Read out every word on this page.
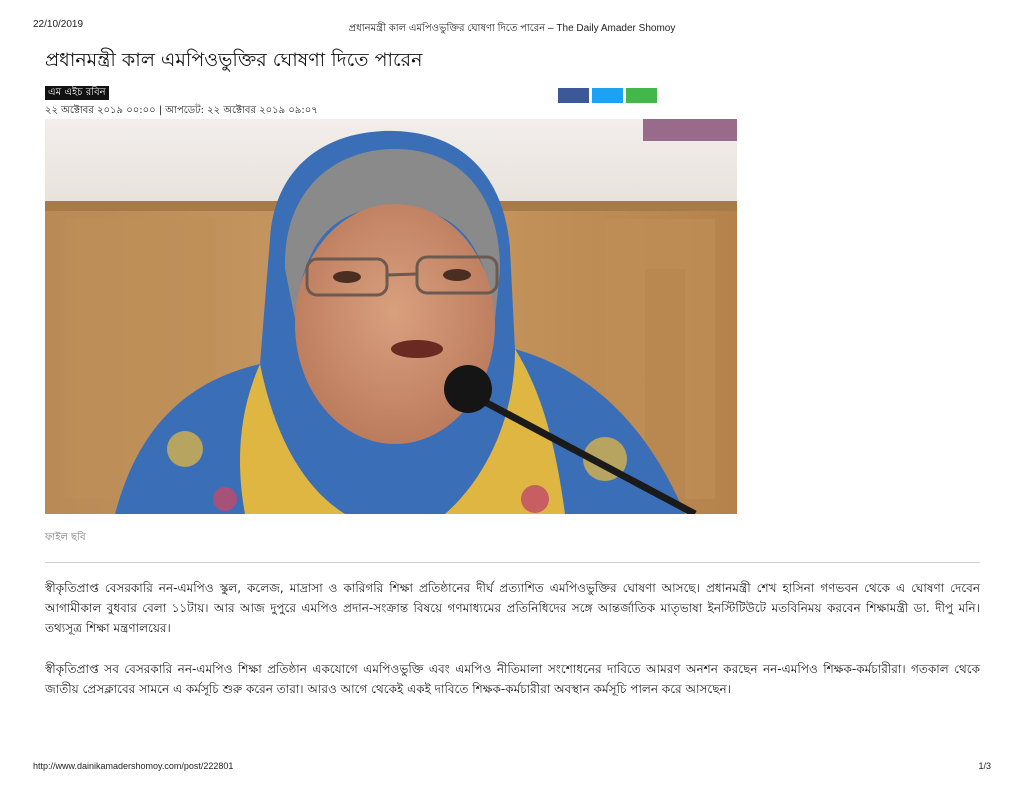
22/10/2019	প্রধানমন্ত্রী কাল এমপিওভুক্তির ঘোষণা দিতে পারেন – The Daily Amader Shomoy
প্রধানমন্ত্রী কাল এমপিওভুক্তির ঘোষণা দিতে পারেন
এম এইচ রবিন
২২ অক্টোবর ২০১৯ ০০:০০ | আপডেট: ২২ অক্টোবর ২০১৯ ০৯:০৭
ফাইল ছবি

স্বীকৃতিপ্রাপ্ত বেসরকারি নন-এমপিও স্কুল, কলেজ, মাদ্রাসা ও কারিগরি শিক্ষা প্রতিষ্ঠানের দীর্ঘ প্রত্যাশিত এমপিওভুক্তির ঘোষণা আসছে। প্রধানমন্ত্রী শেখ হাসিনা গণভবন থেকে এ ঘোষণা দেবেন আগামীকাল বুধবার বেলা ১১টায়। আর আজ দুপুরে এমপিও প্রদান-সংক্রান্ত বিষয়ে গণমাধ্যমের প্রতিনিধিদের সঙ্গে আন্তর্জাতিক মাতৃভাষা ইনস্টিটিউটে মতবিনিময় করবেন শিক্ষামন্ত্রী ডা. দীপু মনি। তথ্যসূত্র শিক্ষা মন্ত্রণালয়ের।

স্বীকৃতিপ্রাপ্ত সব বেসরকারি নন-এমপিও শিক্ষা প্রতিষ্ঠান একযোগে এমপিওভুক্তি এবং এমপিও নীতিমালা সংশোধনের দাবিতে আমরণ অনশন করছেন নন-এমপিও শিক্ষক-কর্মচারীরা। গতকাল থেকে জাতীয় প্রেসক্লাবের সামনে এ কর্মসূচি শুরু করেন তারা। আরও আগে থেকেই একই দাবিতে শিক্ষক-কর্মচারীরা অবস্থান কর্মসূচি পালন করে আসছেন।

http://www.dainikamadershomoy.com/post/222801	1/3
